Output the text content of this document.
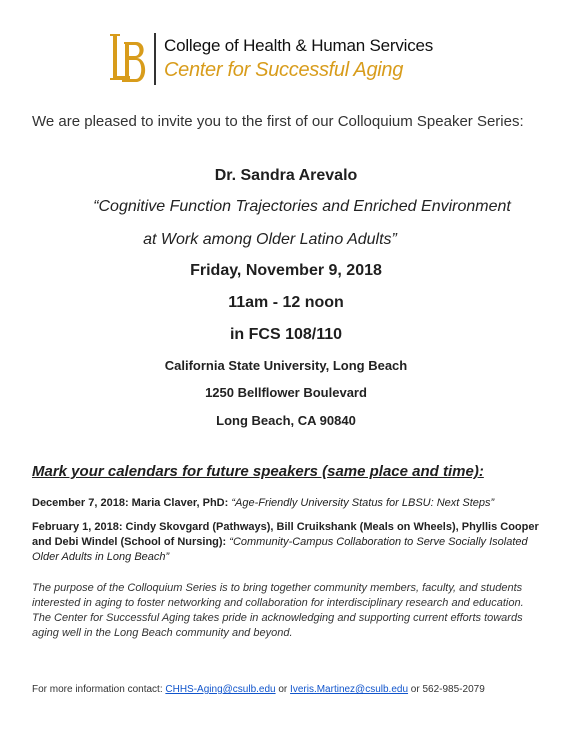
College of Health & Human Services
Center for Successful Aging
We are pleased to invite you to the first of our Colloquium Speaker Series:
Dr. Sandra Arevalo
“Cognitive Function Trajectories and Enriched Environment
at Work among Older Latino Adults”
Friday, November 9, 2018
11am - 12 noon
in FCS 108/110
California State University, Long Beach
1250 Bellflower Boulevard
Long Beach, CA 90840
Mark your calendars for future speakers (same place and time):
December 7, 2018: Maria Claver, PhD: “Age-Friendly University Status for LBSU: Next Steps”
February 1, 2018: Cindy Skovgard (Pathways), Bill Cruikshank (Meals on Wheels), Phyllis Cooper and Debi Windel (School of Nursing): “Community-Campus Collaboration to Serve Socially Isolated Older Adults in Long Beach”
The purpose of the Colloquium Series is to bring together community members, faculty, and students interested in aging to foster networking and collaboration for interdisciplinary research and education. The Center for Successful Aging takes pride in acknowledging and supporting current efforts towards aging well in the Long Beach community and beyond.
For more information contact: CHHS-Aging@csulb.edu or Iveris.Martinez@csulb.edu or 562-985-2079
